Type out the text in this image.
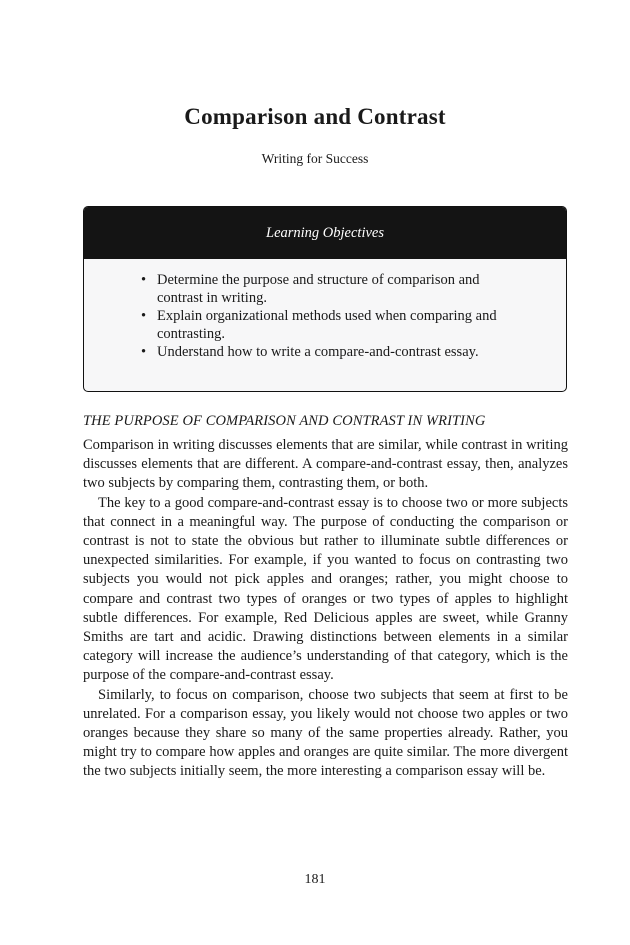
Comparison and Contrast
Writing for Success
Learning Objectives
• Determine the purpose and structure of comparison and contrast in writing.
• Explain organizational methods used when comparing and contrasting.
• Understand how to write a compare-and-contrast essay.
THE PURPOSE OF COMPARISON AND CONTRAST IN WRITING

Comparison in writing discusses elements that are similar, while contrast in writing discusses elements that are different. A compare-and-contrast essay, then, analyzes two subjects by comparing them, contrasting them, or both.

The key to a good compare-and-contrast essay is to choose two or more subjects that connect in a meaningful way. The purpose of conducting the comparison or contrast is not to state the obvious but rather to illuminate subtle differences or unexpected similarities. For example, if you wanted to focus on contrasting two subjects you would not pick apples and oranges; rather, you might choose to compare and contrast two types of oranges or two types of apples to highlight subtle differences. For example, Red Delicious apples are sweet, while Granny Smiths are tart and acidic. Drawing distinctions between elements in a similar category will increase the audience’s understanding of that category, which is the purpose of the compare-and-contrast essay.

Similarly, to focus on comparison, choose two subjects that seem at first to be unrelated. For a comparison essay, you likely would not choose two apples or two oranges because they share so many of the same properties already. Rather, you might try to compare how apples and oranges are quite similar. The more divergent the two subjects initially seem, the more interesting a comparison essay will be.

181
